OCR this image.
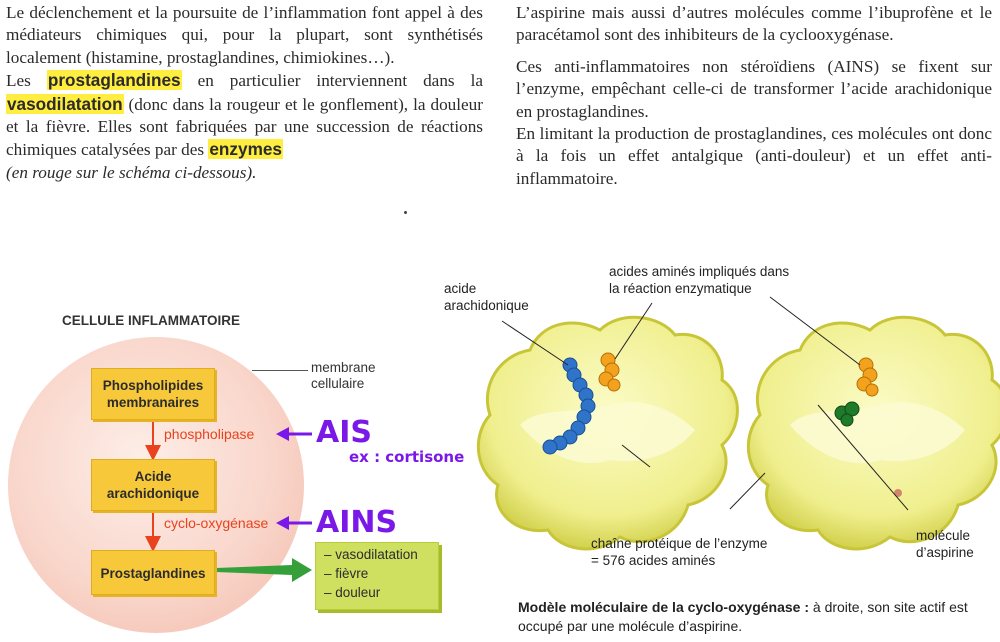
Le déclenchement et la poursuite de l’inflammation font appel à des médiateurs chimiques qui, pour la plupart, sont synthétisés localement (histamine, prostaglandines, chimiokines…).

Les prostaglandines en particulier interviennent dans la vasodilatation (donc dans la rougeur et le gonflement), la douleur et la fièvre. Elles sont fabriquées par une succession de réactions chimiques catalysées par des enzymes
(en rouge sur le schéma ci-dessous).

L’aspirine mais aussi d’autres molécules comme l’ibuprofène et le paracétamol sont des inhibiteurs de la cyclooxygénase.

Ces anti-inflammatoires non stéroïdiens (AINS) se fixent sur l’enzyme, empêchant celle-ci de transformer l’acide arachidonique en prostaglandines.

En limitant la production de prostaglandines, ces molécules ont donc à la fois un effet antalgique (anti-douleur) et un effet anti-inflammatoire.

CELLULE INFLAMMATOIRE
membrane
cellulaire
Phospholipides
membranaires
Acide
arachidonique
Prostaglandines
phospholipase
cyclo-oxygénase
– vasodilatation
– fièvre
– douleur
AIS
AINS
ex : cortisone
acide
arachidonique
acides aminés impliqués dans
la réaction enzymatique
chaîne protéique de l’enzyme
= 576 acides aminés
molécule
d’aspirine
Modèle moléculaire de la cyclo-oxygénase : à droite, son site actif est occupé par une molécule d’aspirine.
